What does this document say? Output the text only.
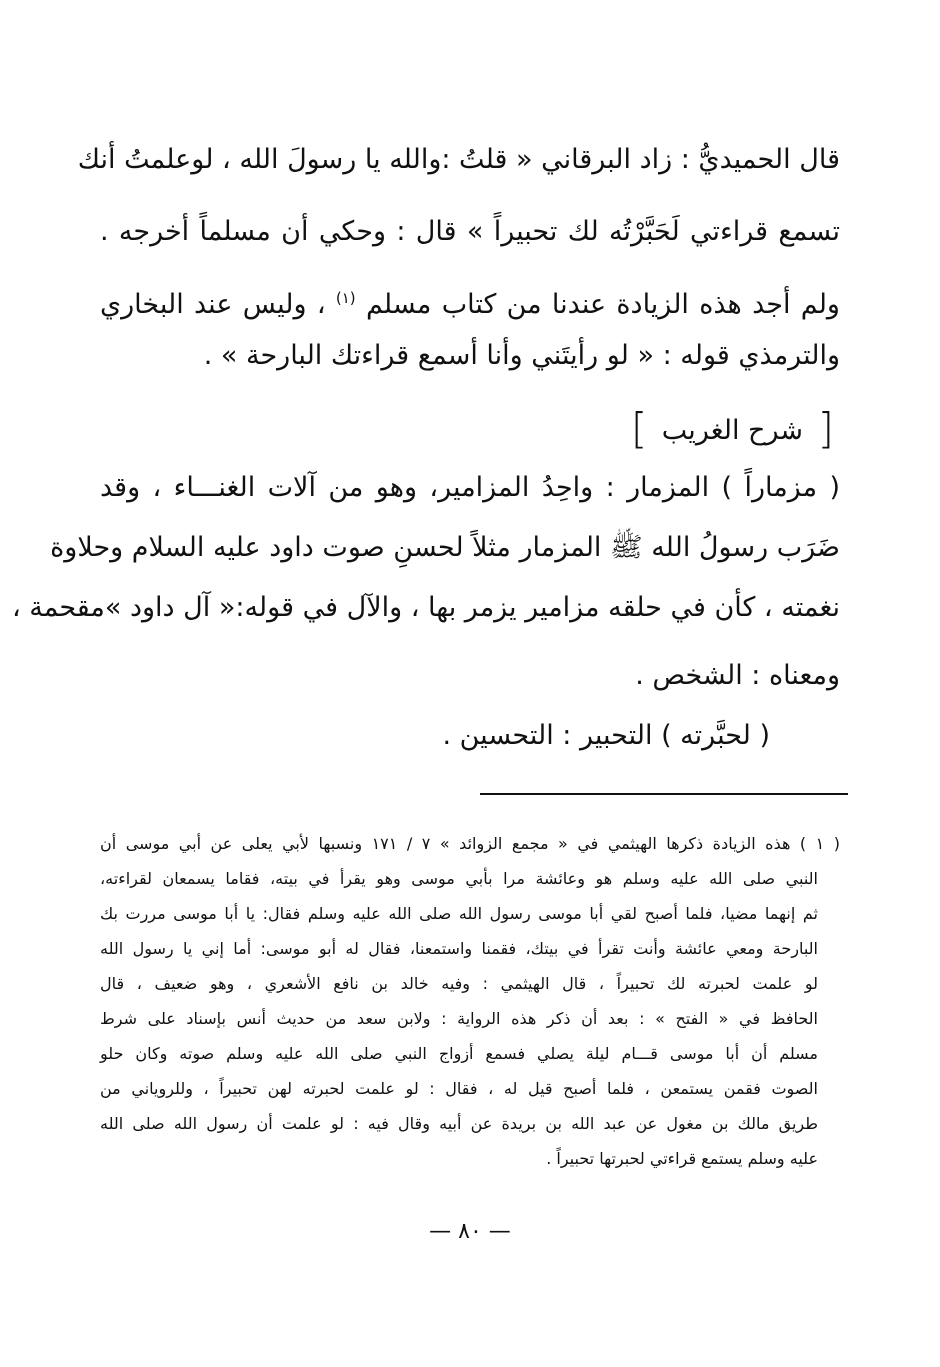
قال الحميديُّ : زاد البرقاني « قلتُ :والله يا رسولَ الله ، لوعلمتُ أنك
تسمع قراءتي لَحَبَّرْتُه لك تحبيراً » قال : وحكي أن مسلماً أخرجه .
ولم أجد هذه الزيادة عندنا من كتاب مسلم $^{(١)}$ ، وليس عند البخاري
والترمذي قوله : « لو رأيتَني وأنا أسمع قراءتك البارحة » .
[ شرح الغريب ]
( مزماراً ) المزمار : واحِدُ المزامير، وهو من آلات الغنـــاء ، وقد
ضَرَب رسولُ الله ﷺ المزمار مثلاً لحسنِ صوت داود عليه السلام وحلاوة
نغمته ، كأن في حلقه مزامير يزمر بها ، والآل في قوله:« آل داود »مقحمة ،
ومعناه : الشخص .
( لحبَّرته ) التحبير : التحسين .
( ١ ) هذه الزيادة ذكرها الهيثمي في « مجمع الزوائد » ٧ / ١٧١ ونسبها لأبي يعلى عن أبي موسى أن
النبي صلى الله عليه وسلم هو وعائشة مرا بأبي موسى وهو يقرأ في بيته، فقاما يسمعان لقراءته،
ثم إنهما مضيا، فلما أصبح لقي أبا موسى رسول الله صلى الله عليه وسلم فقال: يا أبا موسى مررت بك
البارحة ومعي عائشة وأنت تقرأ في بيتك، فقمنا واستمعنا، فقال له أبو موسى: أما إني يا رسول الله
لو علمت لحبرته لك تحبيراً ، قال الهيثمي : وفيه خالد بن نافع الأشعري ، وهو ضعيف ، قال
الحافظ في « الفتح » : بعد أن ذكر هذه الرواية : ولابن سعد من حديث أنس بإسناد على شرط
مسلم أن أبا موسى قـــام ليلة يصلي فسمع أزواج النبي صلى الله عليه وسلم صوته وكان حلو
الصوت فقمن يستمعن ، فلما أصبح قيل له ، فقال : لو علمت لحبرته لهن تحبيراً ، وللروياني من
طريق مالك بن مغول عن عبد الله بن بريدة عن أبيه وقال فيه : لو علمت أن رسول الله صلى الله
عليه وسلم يستمع قراءتي لحبرتها تحبيراً .
— ٨٠ —
